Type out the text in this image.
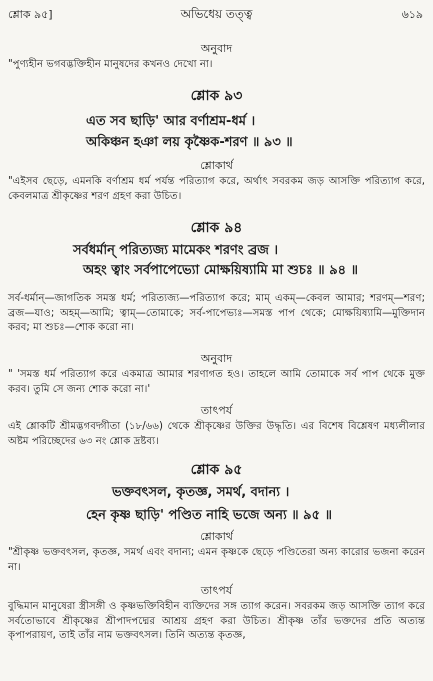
শ্লোক ৯৫]	অভিধেয় তত্ত্ব	৬১৯
অনুবাদ
"পুণ্যহীন ভগবদ্ভক্তিহীন মানুষদের কখনও দেখো না।
শ্লোক ৯৩
এত সব ছাড়ি' আর বর্ণাশ্রম-ধর্ম ।
অকিঞ্চন হঞা লয় কৃষ্ণৈক-শরণ ॥ ৯৩ ॥
শ্লোকার্থ
"এইসব ছেড়ে, এমনকি বর্ণাশ্রম ধর্ম পর্যন্ত পরিত্যাগ করে, অর্থাৎ সবরকম জড় আসক্তি পরিত্যাগ করে, কেবলমাত্র শ্রীকৃষ্ণের শরণ গ্রহণ করা উচিত।
শ্লোক ৯৪
সর্বধর্মান্ পরিত্যজ্য মামেকং শরণং ব্রজ ।
অহং ত্বাং সর্বপাপেভ্যো মোক্ষয়িষ্যামি মা শুচঃ ॥ ৯৪ ॥
সর্ব-ধর্মান্—জাগতিক সমস্ত ধর্ম; পরিত্যজ্য—পরিত্যাগ করে; মাম্ একম্—কেবল আমার; শরণম্—শরণ; ব্রজ—যাও; অহম্—আমি; ত্বাম্—তোমাকে; সর্ব-পাপেভ্যঃ—সমস্ত পাপ থেকে; মোক্ষয়িষ্যামি—মুক্তিদান করব; মা শুচঃ—শোক করো না।
অনুবাদ
" 'সমস্ত ধর্ম পরিত্যাগ করে একমাত্র আমার শরণাগত হও। তাহলে আমি তোমাকে সর্ব পাপ থেকে মুক্ত করব। তুমি সে জন্য শোক করো না।'
তাৎপর্য
এই শ্লোকটি শ্রীমদ্ভগবদ্গীতা (১৮/৬৬) থেকে শ্রীকৃষ্ণের উক্তির উদ্ধৃতি। এর বিশেষ বিশ্লেষণ মধ্যলীলার অষ্টম পরিচ্ছেদের ৬৩ নং শ্লোক দ্রষ্টব্য।
শ্লোক ৯৫
ভক্তবৎসল, কৃতজ্ঞ, সমর্থ, বদান্য ।
হেন কৃষ্ণ ছাড়ি' পণ্ডিত নাহি ভজে অন্য ॥ ৯৫ ॥
শ্লোকার্থ
"শ্রীকৃষ্ণ ভক্তবৎসল, কৃতজ্ঞ, সমর্থ এবং বদান্য; এমন কৃষ্ণকে ছেড়ে পণ্ডিতেরা অন্য কারোর ভজনা করেন না।
তাৎপর্য
বুদ্ধিমান মানুষেরা স্ত্রীসঙ্গী ও কৃষ্ণভক্তিবিহীন ব্যক্তিদের সঙ্গ ত্যাগ করেন। সবরকম জড় আসক্তি ত্যাগ করে সর্বতোভাবে শ্রীকৃষ্ণের শ্রীপাদপদ্মের আশ্রয় গ্রহণ করা উচিত। শ্রীকৃষ্ণ তাঁর ভক্তদের প্রতি অত্যন্ত কৃপাপরায়ণ, তাই তাঁর নাম ভক্তবৎসল। তিনি অত্যন্ত কৃতজ্ঞ,
